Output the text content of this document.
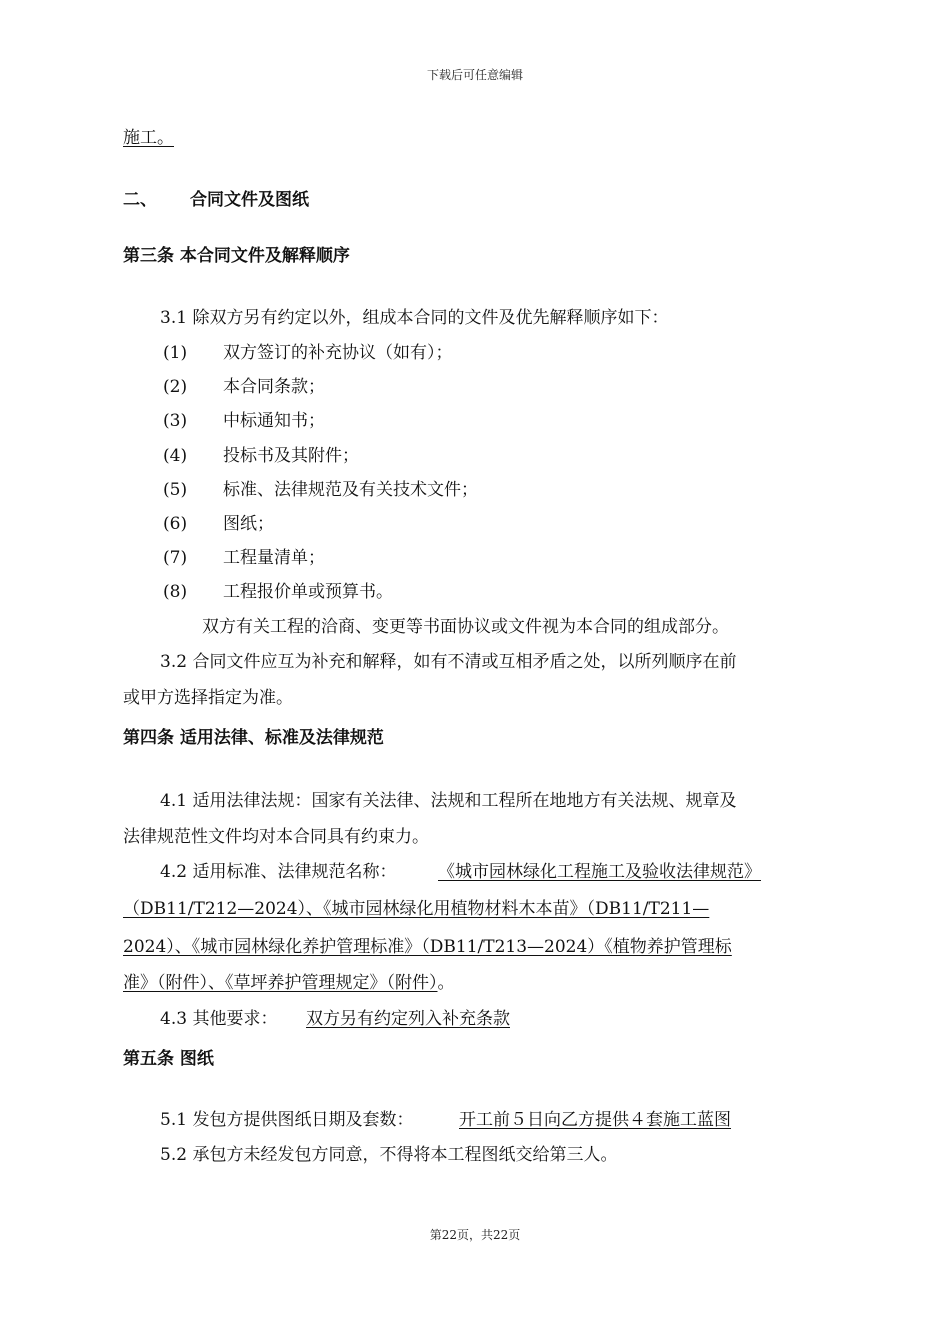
下载后可任意编辑
施工。
二、 合同文件及图纸
第三条 本合同文件及解释顺序
3.1 除双方另有约定以外，组成本合同的文件及优先解释顺序如下：
(1) 双方签订的补充协议（如有）；
(2) 本合同条款；
(3) 中标通知书；
(4) 投标书及其附件；
(5) 标准、法律规范及有关技术文件；
(6) 图纸；
(7) 工程量清单；
(8) 工程报价单或预算书。
双方有关工程的洽商、变更等书面协议或文件视为本合同的组成部分。
3.2 合同文件应互为补充和解释，如有不清或互相矛盾之处，以所列顺序在前
或甲方选择指定为准。
第四条 适用法律、标准及法律规范
4.1 适用法律法规：国家有关法律、法规和工程所在地地方有关法规、规章及
法律规范性文件均对本合同具有约束力。
4.2 适用标准、法律规范名称： 《城市园林绿化工程施工及验收法律规范》
（DB11/T212—2024）、《城市园林绿化用植物材料木本苗》（DB11/T211—
2024）、《城市园林绿化养护管理标准》（DB11/T213—2024）《植物养护管理标
准》（附件）、《草坪养护管理规定》（附件）。
4.3 其他要求： 双方另有约定列入补充条款
第五条 图纸
5.1 发包方提供图纸日期及套数：	开工前５日向乙方提供４套施工蓝图
5.2 承包方未经发包方同意，不得将本工程图纸交给第三人。
第22页，共22页
